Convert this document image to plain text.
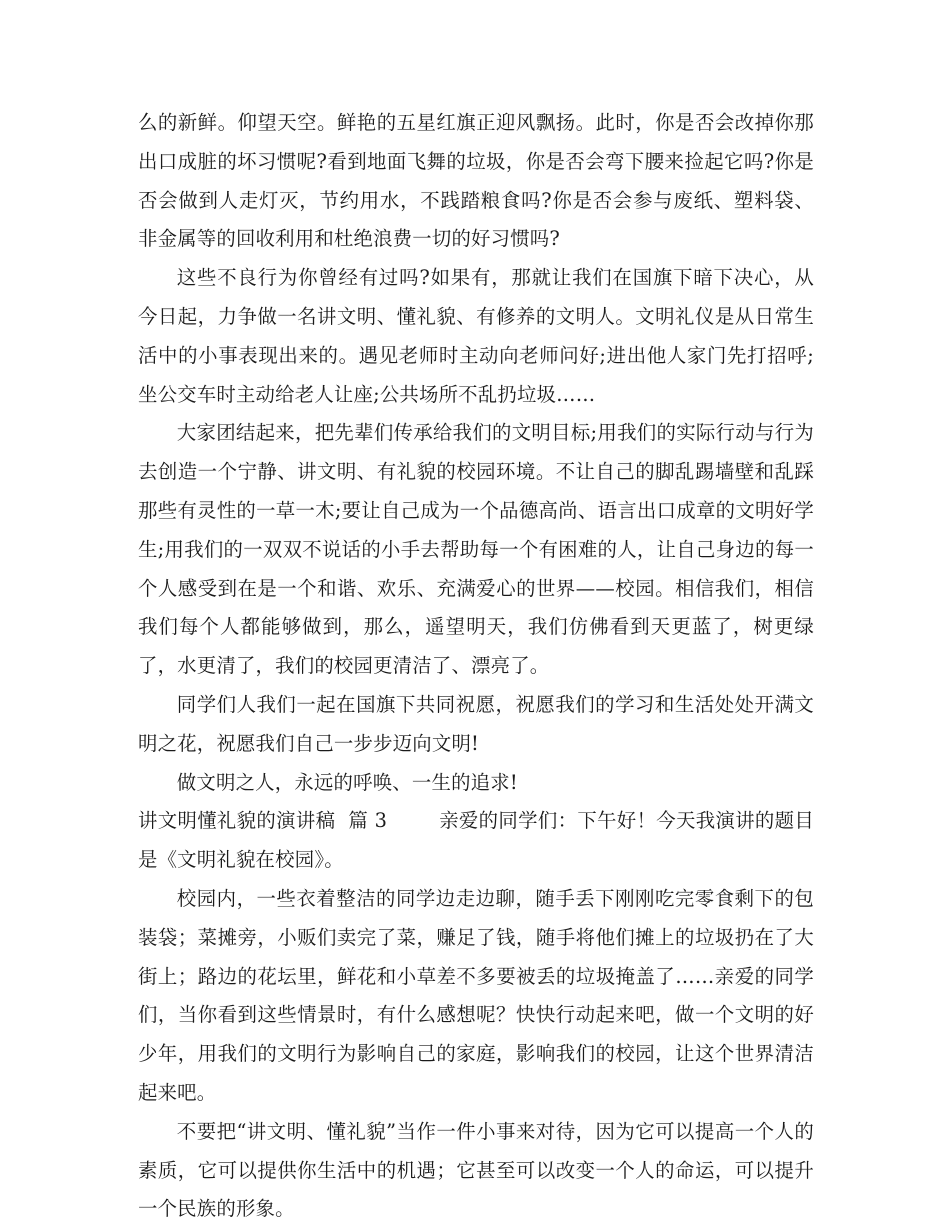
么的新鲜。仰望天空。鲜艳的五星红旗正迎风飘扬。此时，你是否会改掉你那出口成脏的坏习惯呢?看到地面飞舞的垃圾，你是否会弯下腰来捡起它吗?你是否会做到人走灯灭，节约用水，不践踏粮食吗?你是否会参与废纸、塑料袋、非金属等的回收利用和杜绝浪费一切的好习惯吗?

这些不良行为你曾经有过吗?如果有，那就让我们在国旗下暗下决心，从今日起，力争做一名讲文明、懂礼貌、有修养的文明人。文明礼仪是从日常生活中的小事表现出来的。遇见老师时主动向老师问好;进出他人家门先打招呼;坐公交车时主动给老人让座;公共场所不乱扔垃圾……

大家团结起来，把先辈们传承给我们的文明目标;用我们的实际行动与行为去创造一个宁静、讲文明、有礼貌的校园环境。不让自己的脚乱踢墙壁和乱踩那些有灵性的一草一木;要让自己成为一个品德高尚、语言出口成章的文明好学生;用我们的一双双不说话的小手去帮助每一个有困难的人，让自己身边的每一个人感受到在是一个和谐、欢乐、充满爱心的世界——校园。相信我们，相信我们每个人都能够做到，那么，遥望明天，我们仿佛看到天更蓝了，树更绿了，水更清了，我们的校园更清洁了、漂亮了。

同学们人我们一起在国旗下共同祝愿，祝愿我们的学习和生活处处开满文明之花，祝愿我们自己一步步迈向文明!

做文明之人，永远的呼唤、一生的追求!

讲文明懂礼貌的演讲稿  篇 3        亲爱的同学们：下午好！今天我演讲的题目是《文明礼貌在校园》。

校园内，一些衣着整洁的同学边走边聊，随手丢下刚刚吃完零食剩下的包装袋；菜摊旁，小贩们卖完了菜，赚足了钱，随手将他们摊上的垃圾扔在了大街上；路边的花坛里，鲜花和小草差不多要被丢的垃圾掩盖了……亲爱的同学们，当你看到这些情景时，有什么感想呢？快快行动起来吧，做一个文明的好少年，用我们的文明行为影响自己的家庭，影响我们的校园，让这个世界清洁起来吧。

不要把“讲文明、懂礼貌”当作一件小事来对待，因为它可以提高一个人的素质，它可以提供你生活中的机遇；它甚至可以改变一个人的命运，可以提升一个民族的形象。
